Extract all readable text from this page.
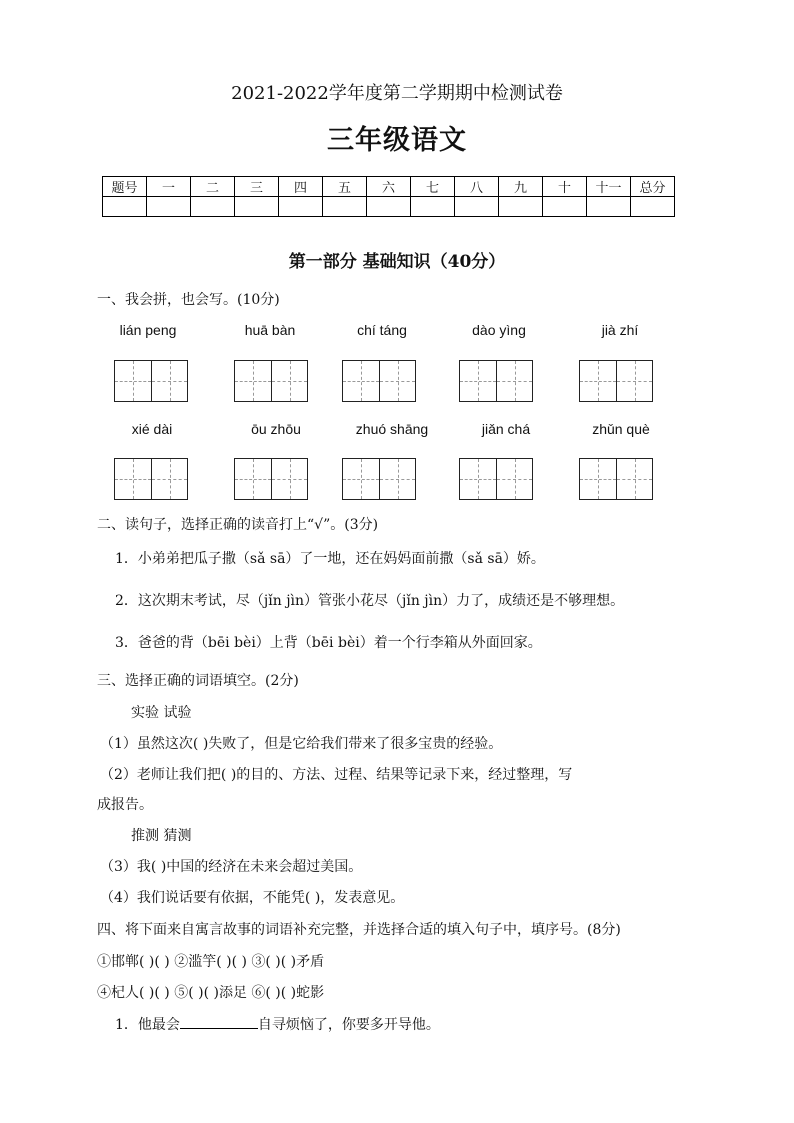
2021-2022学年度第二学期期中检测试卷
三年级语文
题号	一	二	三	四	五	六	七	八	九	十	十一	总分

第一部分 基础知识（40分）
一、我会拼，也会写。(10分)
lián peng	huā bàn	chí táng	dào yìng	jià zhí
xié dài	ōu zhōu	zhuó shāng	jiǎn chá	zhǔn què
二、读句子，选择正确的读音打上“√”。(3分)
1．小弟弟把瓜子撒（sǎ sā）了一地，还在妈妈面前撒（sǎ sā）娇。
2．这次期末考试，尽（jǐn jìn）管张小花尽（jǐn jìn）力了，成绩还是不够理想。
3．爸爸的背（bēi bèi）上背（bēi bèi）着一个行李箱从外面回家。
三、选择正确的词语填空。(2分)
实验 试验
（1）虽然这次( )失败了，但是它给我们带来了很多宝贵的经验。
（2）老师让我们把( )的目的、方法、过程、结果等记录下来，经过整理，写
成报告。
推测 猜测
（3）我( )中国的经济在未来会超过美国。
（4）我们说话要有依据，不能凭( )，发表意见。
四、将下面来自寓言故事的词语补充完整，并选择合适的填入句子中，填序号。(8分)
①邯郸( )( ) ②滥竽( )( ) ③( )( )矛盾
④杞人( )( ) ⑤( )( )添足 ⑥( )( )蛇影
1．他最会	自寻烦恼了，你要多开导他。
